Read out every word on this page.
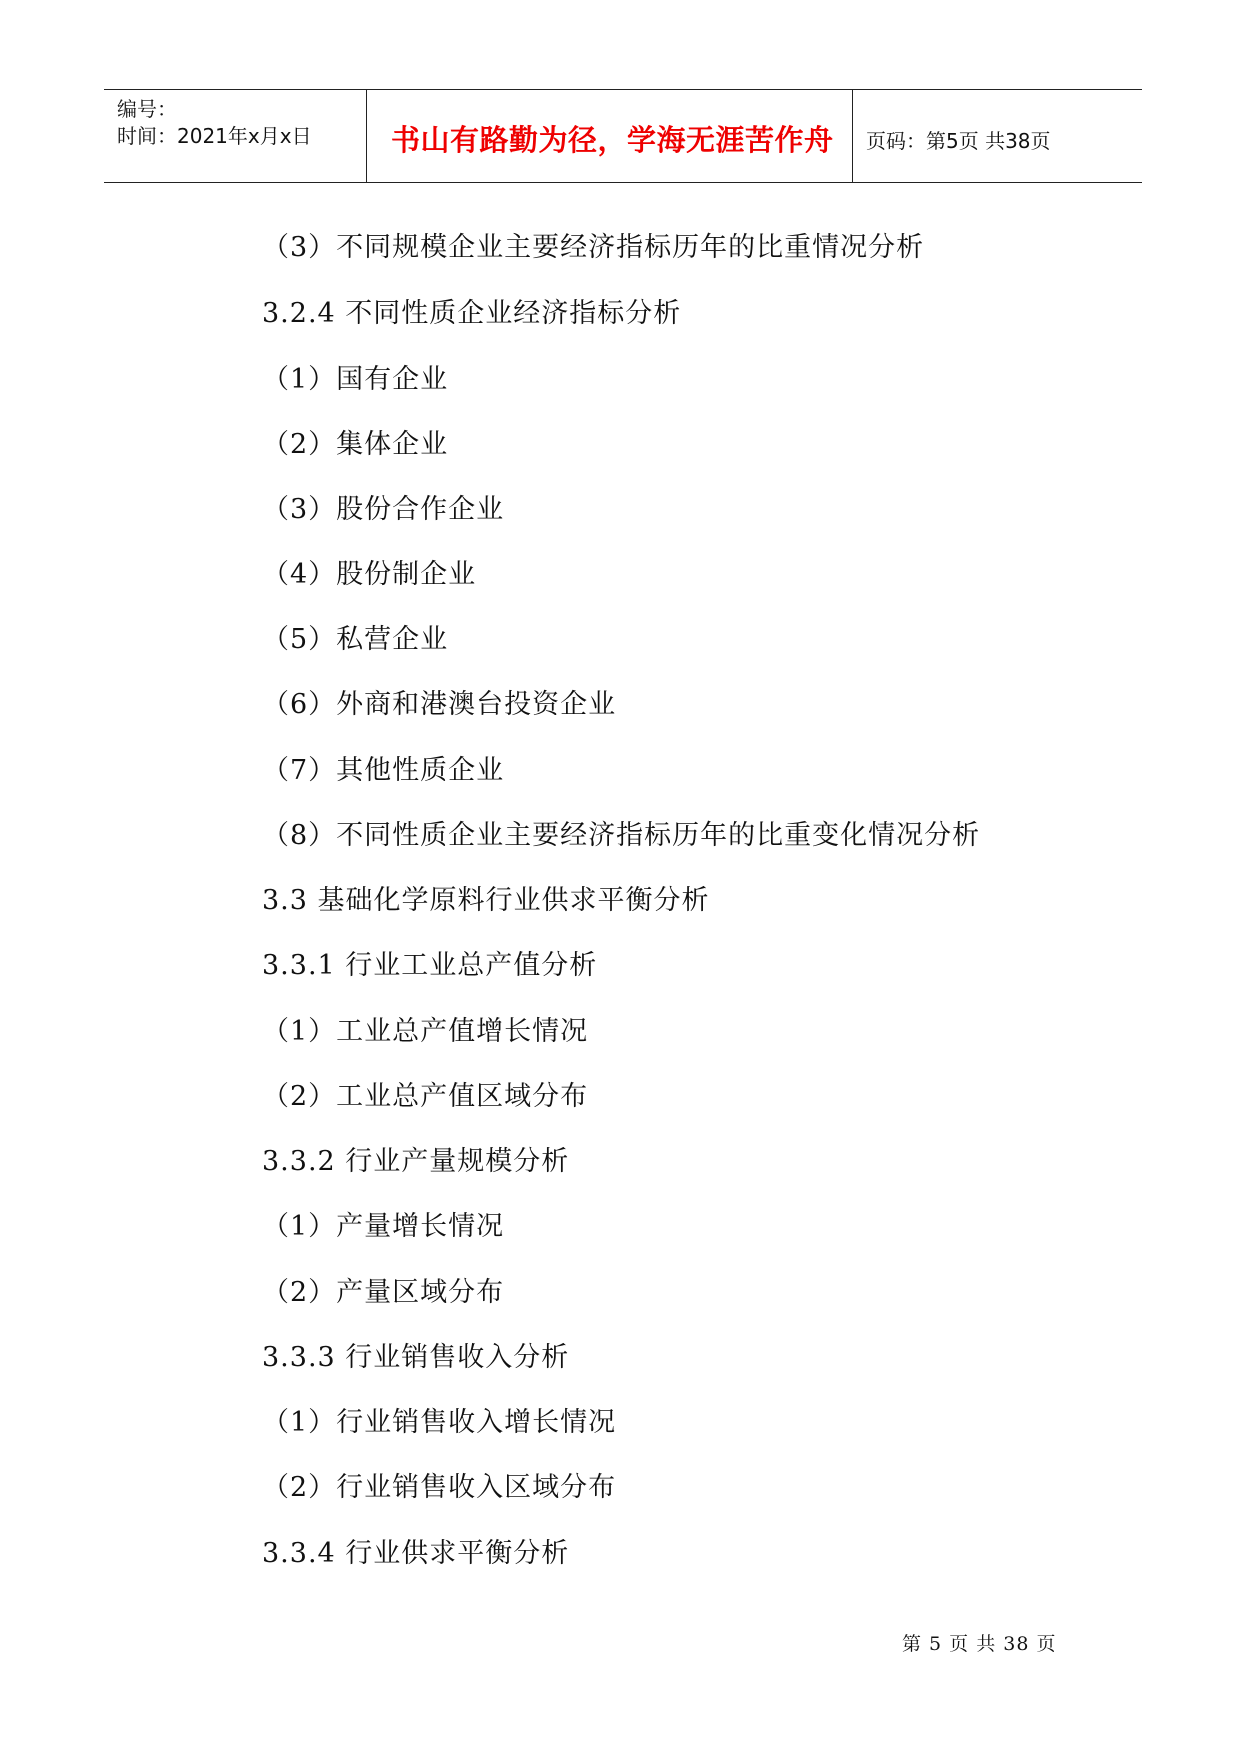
编号：
时间：2021年x月x日	书山有路勤为径，学海无涯苦作舟 页码：第5页 共38页
（3）不同规模企业主要经济指标历年的比重情况分析
3.2.4 不同性质企业经济指标分析
（1）国有企业
（2）集体企业
（3）股份合作企业
（4）股份制企业
（5）私营企业
（6）外商和港澳台投资企业
（7）其他性质企业
（8）不同性质企业主要经济指标历年的比重变化情况分析
3.3 基础化学原料行业供求平衡分析
3.3.1 行业工业总产值分析
（1）工业总产值增长情况
（2）工业总产值区域分布
3.3.2 行业产量规模分析
（1）产量增长情况
（2）产量区域分布
3.3.3 行业销售收入分析
（1）行业销售收入增长情况
（2）行业销售收入区域分布
3.3.4 行业供求平衡分析
第 5 页 共 38 页
